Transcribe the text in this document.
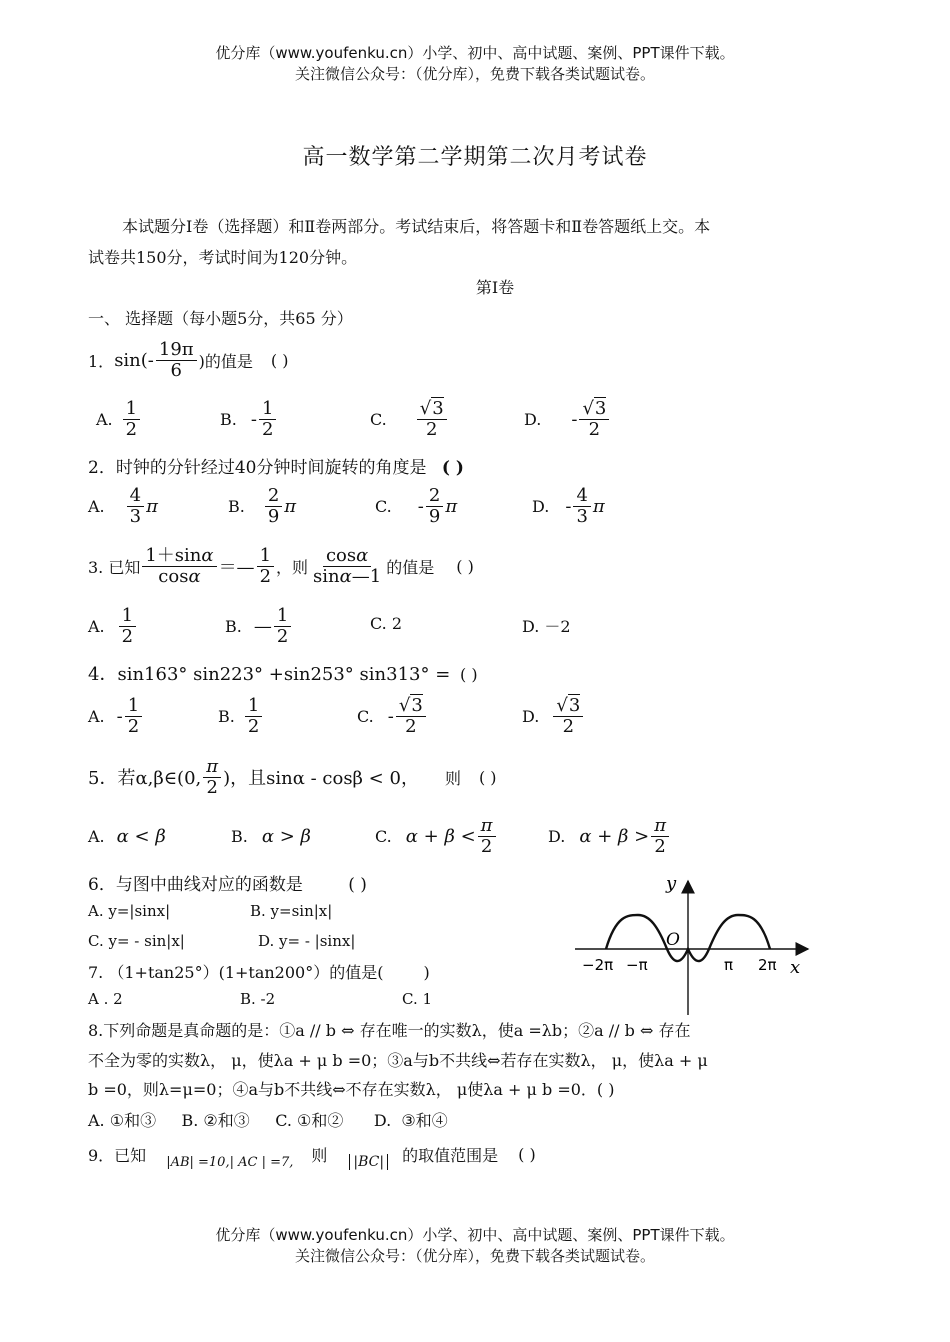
优分库（www.youfenku.cn）小学、初中、高中试题、案例、PPT课件下载。
关注微信公众号：（优分库），免费下载各类试题试卷。
高一数学第二学期第二次月考试卷
本试题分Ⅰ卷（选择题）和Ⅱ卷两部分。考试结束后，将答题卡和Ⅱ卷答题纸上交。本
试卷共150分，考试时间为120分钟。
第Ⅰ卷
一、 选择题（每小题5分，共65 分）
1． $\sin(- \frac{19\pi}{6}$ )的值是 ( )
A. $\frac{1}{2}$	B. - $\frac{1}{2}$	C. $\frac{√3}{2}$	D. - $\frac{√3}{2}$
2．时钟的分针经过40分钟时间旋转的角度是 ( )
A. $\frac{4}{3}$ π	B. $\frac{2}{9}$ π	C. - $\frac{2}{9}$ π	D. - $\frac{4}{3}$ π
3. 已知 $\frac{1+\sin\alpha}{\cos\alpha}$ ＝— $\frac{1}{2}$ ，则 $\frac{\cos\alpha}{\sin\alpha—1}$ 的值是 ( )
A. $\frac{1}{2}$	B. — $\frac{1}{2}$	C. 2	D. －2
4．sin163° sin223° +sin253° sin313° = ( )
A. - $\frac{1}{2}$	B. $\frac{1}{2}$	C. - $\frac{√3}{2}$	D. $\frac{√3}{2}$
5．若α,β∈(0, $\frac{\pi}{2}$ )，且sinα - cosβ < 0， 则 ( )
A. α < β	B. α > β	C. $\alpha + \beta < \frac{\pi}{2}$	D. $\alpha + \beta > \frac{\pi}{2}$
6．与图中曲线对应的函数是	( )
A. y=|sinx|	B. y=sin|x|
C. y= - sin|x|	D. y= - |sinx|
y
x
O
−2π −π	π 2π
7. （1+tan25°）(1+tan200°）的值是(	)
A . 2	B. -2	C. 1
8.下列命题是真命题的是：①a // b ⇔ 存在唯一的实数λ，使a =λb；②a // b ⇔ 存在
不全为零的实数λ， μ，使λa + μ b =0；③a与b不共线⇔若存在实数λ， μ，使λa + μ
b =0，则λ=μ=0；④a与b不共线⇔不存在实数λ， μ使λa + μ b =0．( )
A. ①和③     B. ②和③     C. ①和②      D.  ③和④
9．已知 |AB| =10,| AC | =7, 则 |BC| 的取值范围是 ( )
优分库（www.youfenku.cn）小学、初中、高中试题、案例、PPT课件下载。
关注微信公众号：（优分库），免费下载各类试题试卷。
